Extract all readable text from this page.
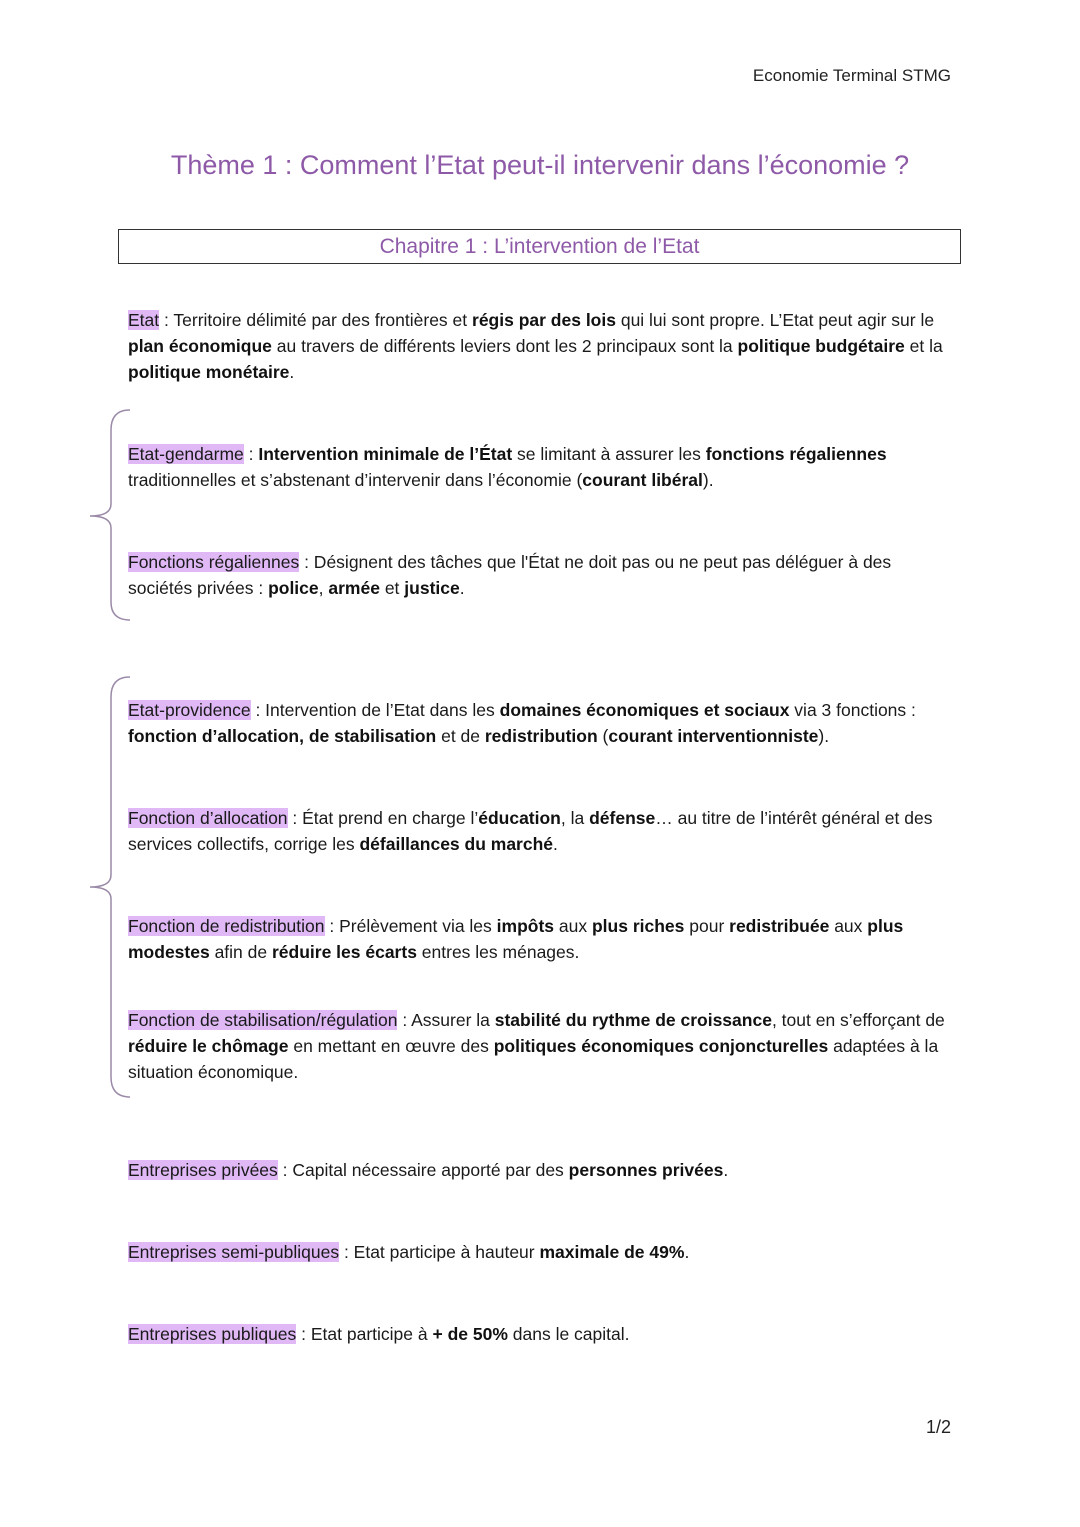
Economie Terminal STMG
Thème 1 : Comment l’Etat peut-il intervenir dans l’économie ?
Chapitre 1 : L’intervention de l’Etat
Etat : Territoire délimité par des frontières et régis par des lois qui lui sont propre. L’Etat peut agir sur le plan économique au travers de différents leviers dont les 2 principaux sont la politique budgétaire et la politique monétaire.
Etat-gendarme : Intervention minimale de l’État se limitant à assurer les fonctions régaliennes traditionnelles et s’abstenant d’intervenir dans l’économie (courant libéral).
Fonctions régaliennes : Désignent des tâches que l'État ne doit pas ou ne peut pas déléguer à des sociétés privées : police, armée et justice.
Etat-providence : Intervention de l’Etat dans les domaines économiques et sociaux via 3 fonctions : fonction d’allocation, de stabilisation et de redistribution (courant interventionniste).
Fonction d’allocation : État prend en charge l’éducation, la défense… au titre de l’intérêt général et des services collectifs, corrige les défaillances du marché.
Fonction de redistribution : Prélèvement via les impôts aux plus riches pour redistribuée aux plus modestes afin de réduire les écarts entres les ménages.
Fonction de stabilisation/régulation : Assurer la stabilité du rythme de croissance, tout en s’efforçant de réduire le chômage en mettant en œuvre des politiques économiques conjoncturelles adaptées à la situation économique.
Entreprises privées : Capital nécessaire apporté par des personnes privées.
Entreprises semi-publiques : Etat participe à hauteur maximale de 49%.
Entreprises publiques : Etat participe à + de 50% dans le capital.
1/2
